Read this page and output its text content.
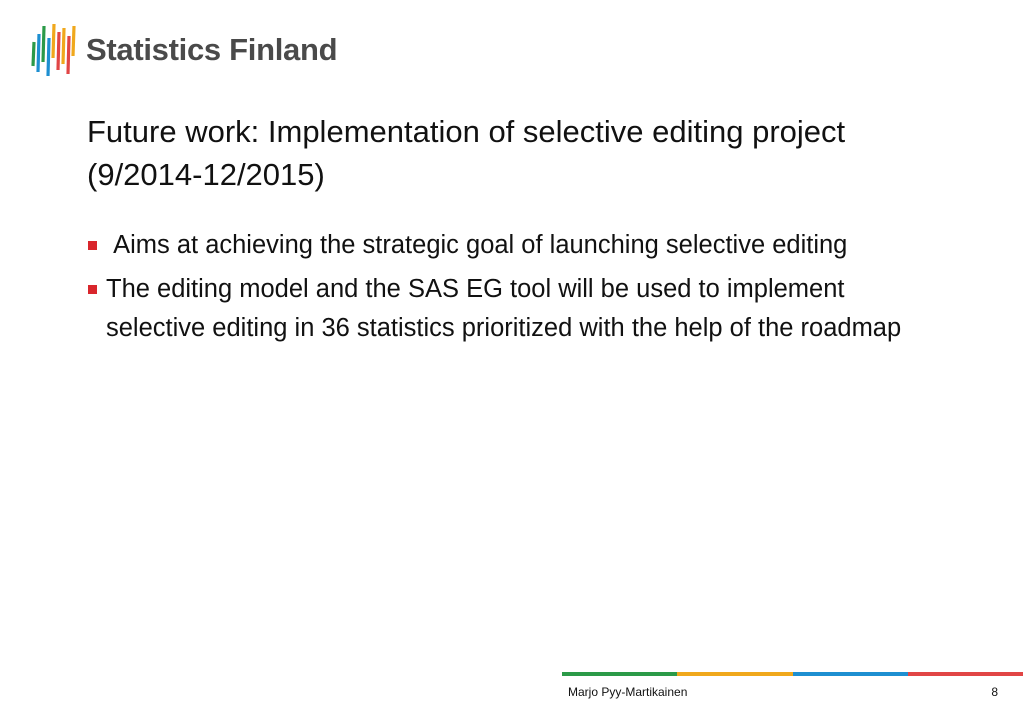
Statistics Finland
Future work: Implementation of selective editing project (9/2014-12/2015)
Aims at achieving the strategic goal of launching selective editing
The editing model and the SAS EG tool will be used to implement selective editing in 36 statistics prioritized with the help of the roadmap
Marjo Pyy-Martikainen	8
